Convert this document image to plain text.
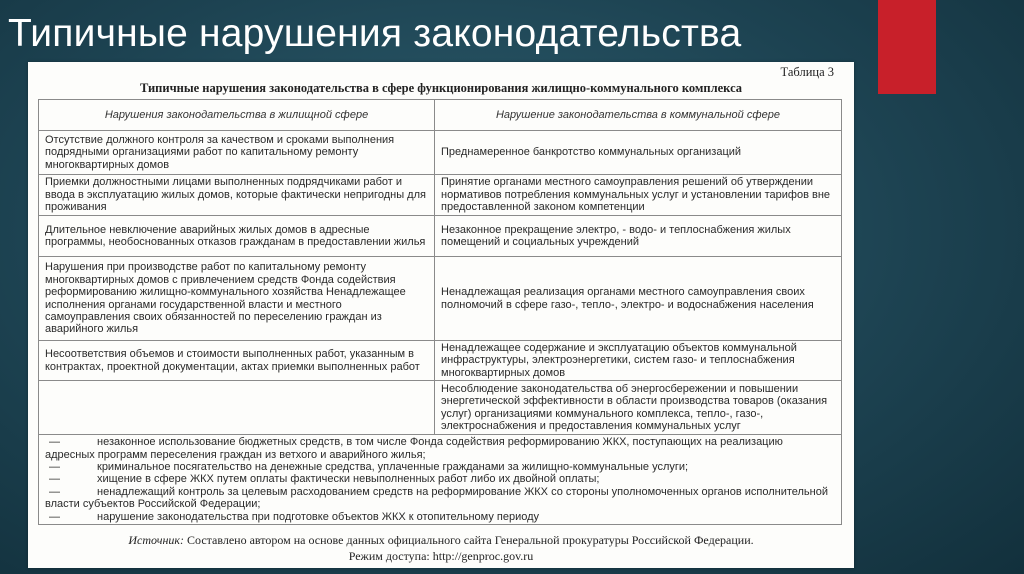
Типичные нарушения законодательства
Таблица 3
Типичные нарушения законодательства в сфере функционирования жилищно-коммунального комплекса
Нарушения законодательства в жилищной сфере	Нарушение законодательства в коммунальной сфере
Отсутствие должного контроля за качеством и сроками выполнения подрядными организациями работ по капитальному ремонту многоквартирных домов	Преднамеренное банкротство коммунальных организаций
Приемки должностными лицами выполненных подрядчиками работ и ввода в эксплуатацию жилых домов, которые фактически непригодны для проживания	Принятие органами местного самоуправления решений об утверждении нормативов потребления коммунальных услуг и установлении тарифов вне предоставленной законом компетенции
Длительное невключение аварийных жилых домов в адресные программы, необоснованных отказов гражданам в предоставлении жилья	Незаконное прекращение электро, - водо- и теплоснабжения жилых помещений и социальных учреждений
Нарушения при производстве работ по капитальному ремонту многоквартирных домов с привлечением средств Фонда содействия реформированию жилищно-коммунального хозяйства Ненадлежащее исполнения органами государственной власти и местного самоуправления своих обязанностей по переселению граждан из аварийного жилья	Ненадлежащая реализация органами местного самоуправления своих полномочий в сфере газо-, тепло-, электро- и водоснабжения населения
Несоответствия объемов и стоимости выполненных работ, указанным в контрактах, проектной документации, актах приемки выполненных работ	Ненадлежащее содержание и эксплуатацию объектов коммунальной инфраструктуры, электроэнергетики, систем газо- и теплоснабжения многоквартирных домов
	Несоблюдение законодательства об энергосбережении и повышении энергетической эффективности в области производства товаров (оказания услуг) организациями коммунального комплекса, тепло-, газо-, электроснабжения и предоставления коммунальных услуг

— незаконное использование бюджетных средств, в том числе Фонда содействия реформированию ЖКХ, поступающих на реализацию адресных программ переселения граждан из ветхого и аварийного жилья;

— криминальное посягательство на денежные средства, уплаченные гражданами за жилищно-коммунальные услуги;

— хищение в сфере ЖКХ путем оплаты фактически невыполненных работ либо их двойной оплаты;

— ненадлежащий контроль за целевым расходованием средств на реформирование ЖКХ со стороны уполномоченных органов исполнительной власти субъектов Российской Федерации;

— нарушение законодательства при подготовке объектов ЖКХ к отопительному периоду	

Источник: Составлено автором на основе данных официального сайта Генеральной прокуратуры Российской Федерации.
Режим доступа: http://genproc.gov.ru
